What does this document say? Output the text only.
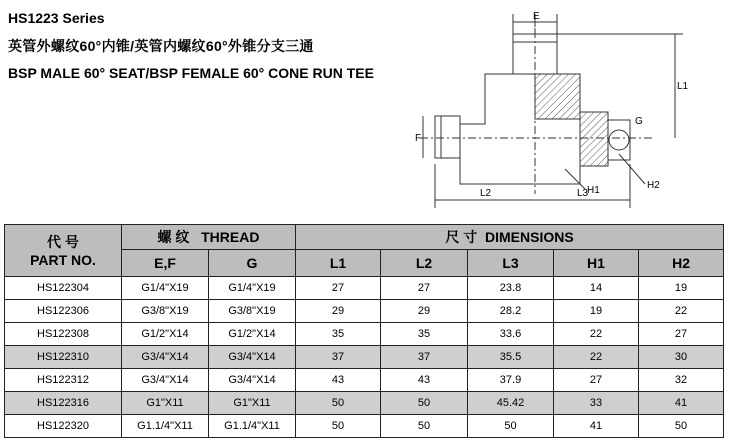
HS1223 Series
英管外螺纹60°内锥/英管内螺纹60°外锥分支三通
BSP MALE 60° SEAT/BSP FEMALE 60° CONE RUN TEE
E
F
G
L1
L2	L3
H1	H2
代 号
PART NO.	螺 纹 THREAD		尺 寸 DIMENSIONS				
	E,F	G	L1	L2	L3	H1	H2
HS122304	G1/4"X19	G1/4"X19	27	27	23.8	14	19
HS122306	G3/8"X19	G3/8"X19	29	29	28.2	19	22
HS122308	G1/2"X14	G1/2"X14	35	35	33.6	22	27
HS122310	G3/4"X14	G3/4"X14	37	37	35.5	22	30
HS122312	G3/4"X14	G3/4"X14	43	43	37.9	27	32
HS122316	G1"X11	G1"X11	50	50	45.42	33	41
HS122320	G1.1/4"X11	G1.1/4"X11	50	50	50	41	50
